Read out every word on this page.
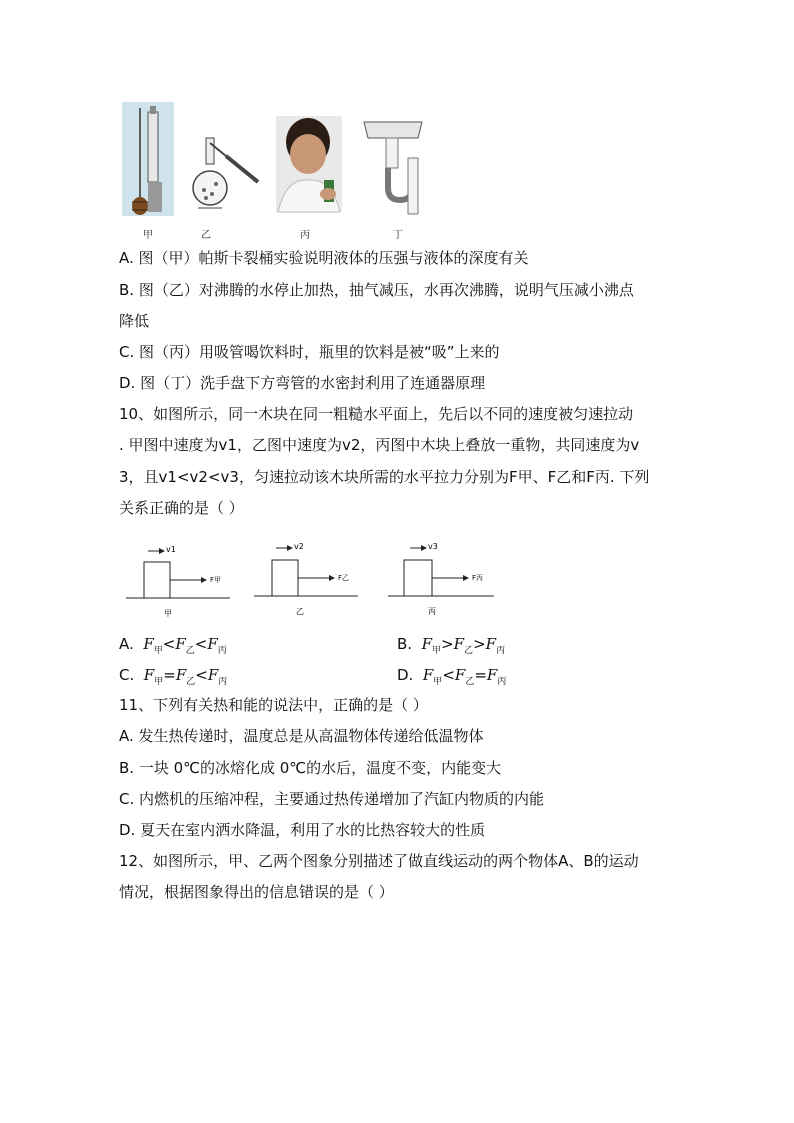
甲	乙	丙	丁
A. 图（甲）帕斯卡裂桶实验说明液体的压强与液体的深度有关
B. 图（乙）对沸腾的水停止加热，抽气减压，水再次沸腾，说明气压减小沸点
降低
C. 图（丙）用吸管喝饮料时，瓶里的饮料是被“吸”上来的
D. 图（丁）洗手盘下方弯管的水密封利用了连通器原理
10、如图所示，同一木块在同一粗糙水平面上，先后以不同的速度被匀速拉动
. 甲图中速度为v1，乙图中速度为v2，丙图中木块上叠放一重物，共同速度为v
3，且v1<v2<v3，匀速拉动该木块所需的水平拉力分别为F甲、F乙和F丙. 下列
关系正确的是（ ）
v1
F甲
甲
v2
F乙
乙
v3
F丙
丙
A. $F_甲<F_乙<F_丙$	B. $F_甲>F_乙>F_丙$
C. $F_甲=F_乙<F_丙$	D. $F_甲<F_乙=F_丙$
11、下列有关热和能的说法中，正确的是（ ）
A. 发生热传递时，温度总是从高温物体传递给低温物体
B. 一块 0℃的冰熔化成 0℃的水后，温度不变，内能变大
C. 内燃机的压缩冲程，主要通过热传递增加了汽缸内物质的内能
D. 夏天在室内洒水降温，利用了水的比热容较大的性质
12、如图所示，甲、乙两个图象分别描述了做直线运动的两个物体A、B的运动
情况，根据图象得出的信息错误的是（ ）
